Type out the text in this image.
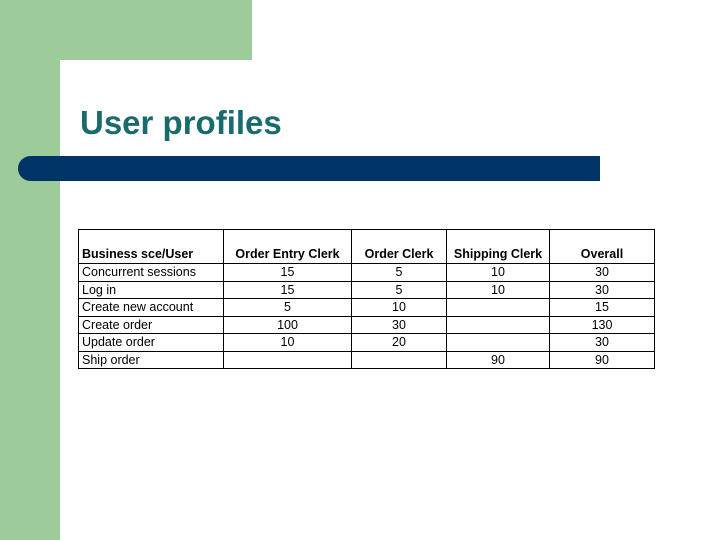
User profiles
Business sce/User	Order Entry Clerk	Order Clerk	Shipping Clerk	Overall
Concurrent sessions	15	5	10	30
Log in	15	5	10	30
Create new account	5	10		15
Create order	100	30		130
Update order	10	20		30
Ship order			90	90
